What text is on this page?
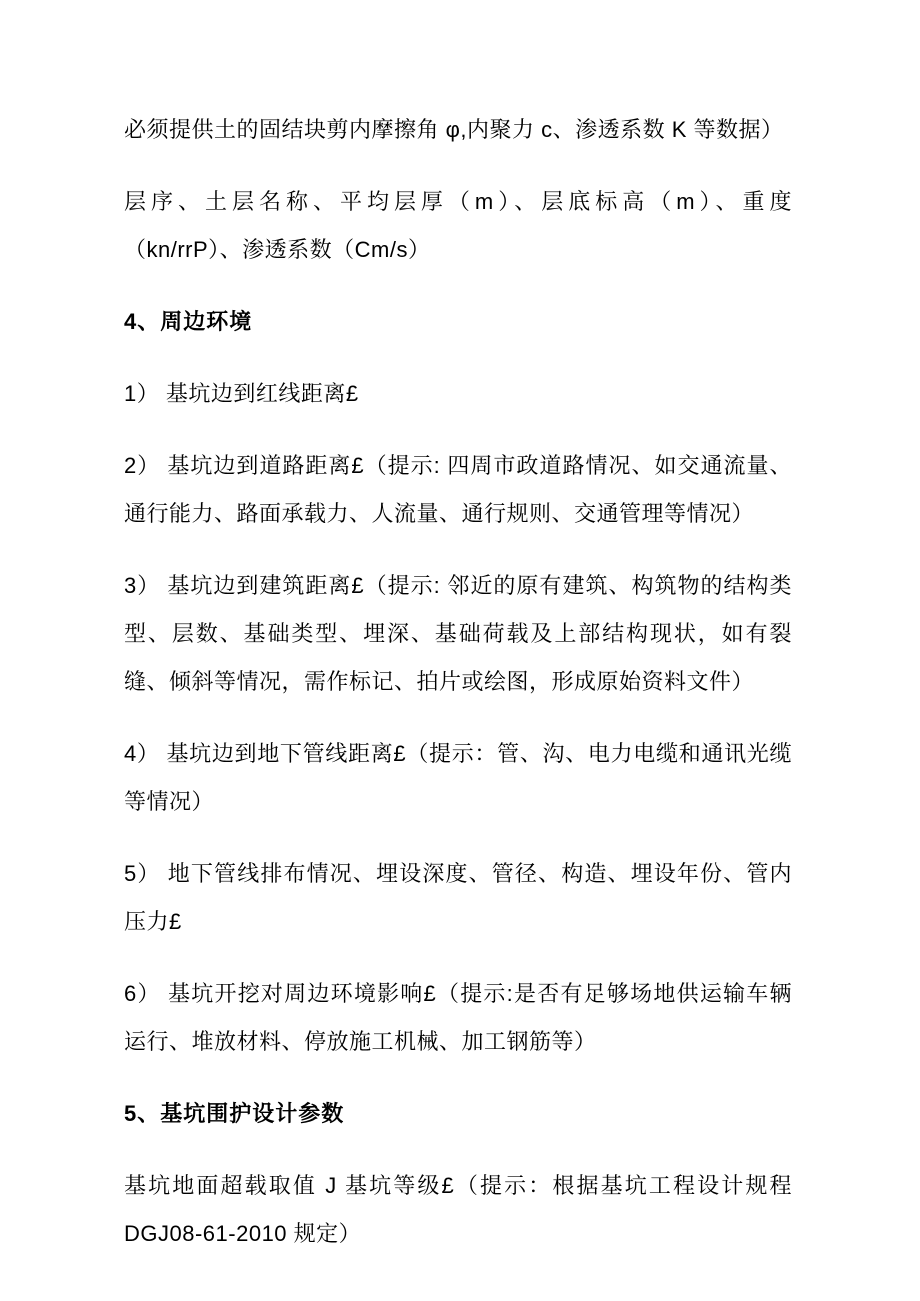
必须提供土的固结块剪内摩擦角 φ,内聚力 c、渗透系数 K 等数据）

层序、土层名称、平均层厚（m）、层底标高（m）、重度（kn/rrP）、渗透系数（Cm/s）

4、周边环境

1） 基坑边到红线距离£

2） 基坑边到道路距离£（提示: 四周市政道路情况、如交通流量、通行能力、路面承载力、人流量、通行规则、交通管理等情况）

3） 基坑边到建筑距离£（提示: 邻近的原有建筑、构筑物的结构类型、层数、基础类型、埋深、基础荷载及上部结构现状，如有裂缝、倾斜等情况，需作标记、拍片或绘图，形成原始资料文件）

4） 基坑边到地下管线距离£（提示：管、沟、电力电缆和通讯光缆等情况）

5） 地下管线排布情况、埋设深度、管径、构造、埋设年份、管内压力£

6） 基坑开挖对周边环境影响£（提示:是否有足够场地供运输车辆运行、堆放材料、停放施工机械、加工钢筋等）

5、基坑围护设计参数

基坑地面超载取值 J 基坑等级£（提示：根据基坑工程设计规程 DGJ08-61-2010 规定）
